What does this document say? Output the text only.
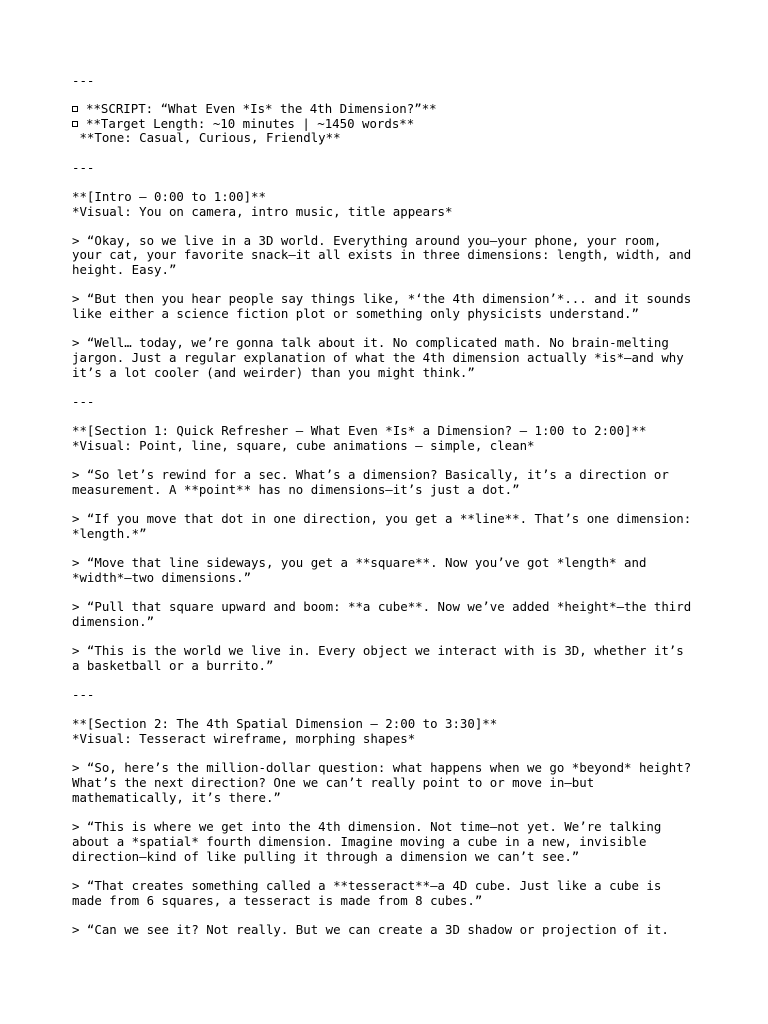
---
**SCRIPT: “What Even *Is* the 4th Dimension?”**
**Target Length: ~10 minutes | ~1450 words**
**Tone: Casual, Curious, Friendly**
---
**[Intro – 0:00 to 1:00]**
*Visual: You on camera, intro music, title appears*
> “Okay, so we live in a 3D world. Everything around you—your phone, your room,
your cat, your favorite snack—it all exists in three dimensions: length, width, and
height. Easy.”
> “But then you hear people say things like, *‘the 4th dimension’*... and it sounds
like either a science fiction plot or something only physicists understand.”
> “Well… today, we’re gonna talk about it. No complicated math. No brain-melting
jargon. Just a regular explanation of what the 4th dimension actually *is*—and why
it’s a lot cooler (and weirder) than you might think.”
---
**[Section 1: Quick Refresher – What Even *Is* a Dimension? – 1:00 to 2:00]**
*Visual: Point, line, square, cube animations — simple, clean*
> “So let’s rewind for a sec. What’s a dimension? Basically, it’s a direction or
measurement. A **point** has no dimensions—it’s just a dot.”
> “If you move that dot in one direction, you get a **line**. That’s one dimension:
*length.*”
> “Move that line sideways, you get a **square**. Now you’ve got *length* and
*width*—two dimensions.”
> “Pull that square upward and boom: **a cube**. Now we’ve added *height*—the third
dimension.”
> “This is the world we live in. Every object we interact with is 3D, whether it’s
a basketball or a burrito.”
---
**[Section 2: The 4th Spatial Dimension – 2:00 to 3:30]**
*Visual: Tesseract wireframe, morphing shapes*
> “So, here’s the million-dollar question: what happens when we go *beyond* height?
What’s the next direction? One we can’t really point to or move in—but
mathematically, it’s there.”
> “This is where we get into the 4th dimension. Not time—not yet. We’re talking
about a *spatial* fourth dimension. Imagine moving a cube in a new, invisible
direction—kind of like pulling it through a dimension we can’t see.”
> “That creates something called a **tesseract**—a 4D cube. Just like a cube is
made from 6 squares, a tesseract is made from 8 cubes.”
> “Can we see it? Not really. But we can create a 3D shadow or projection of it.
